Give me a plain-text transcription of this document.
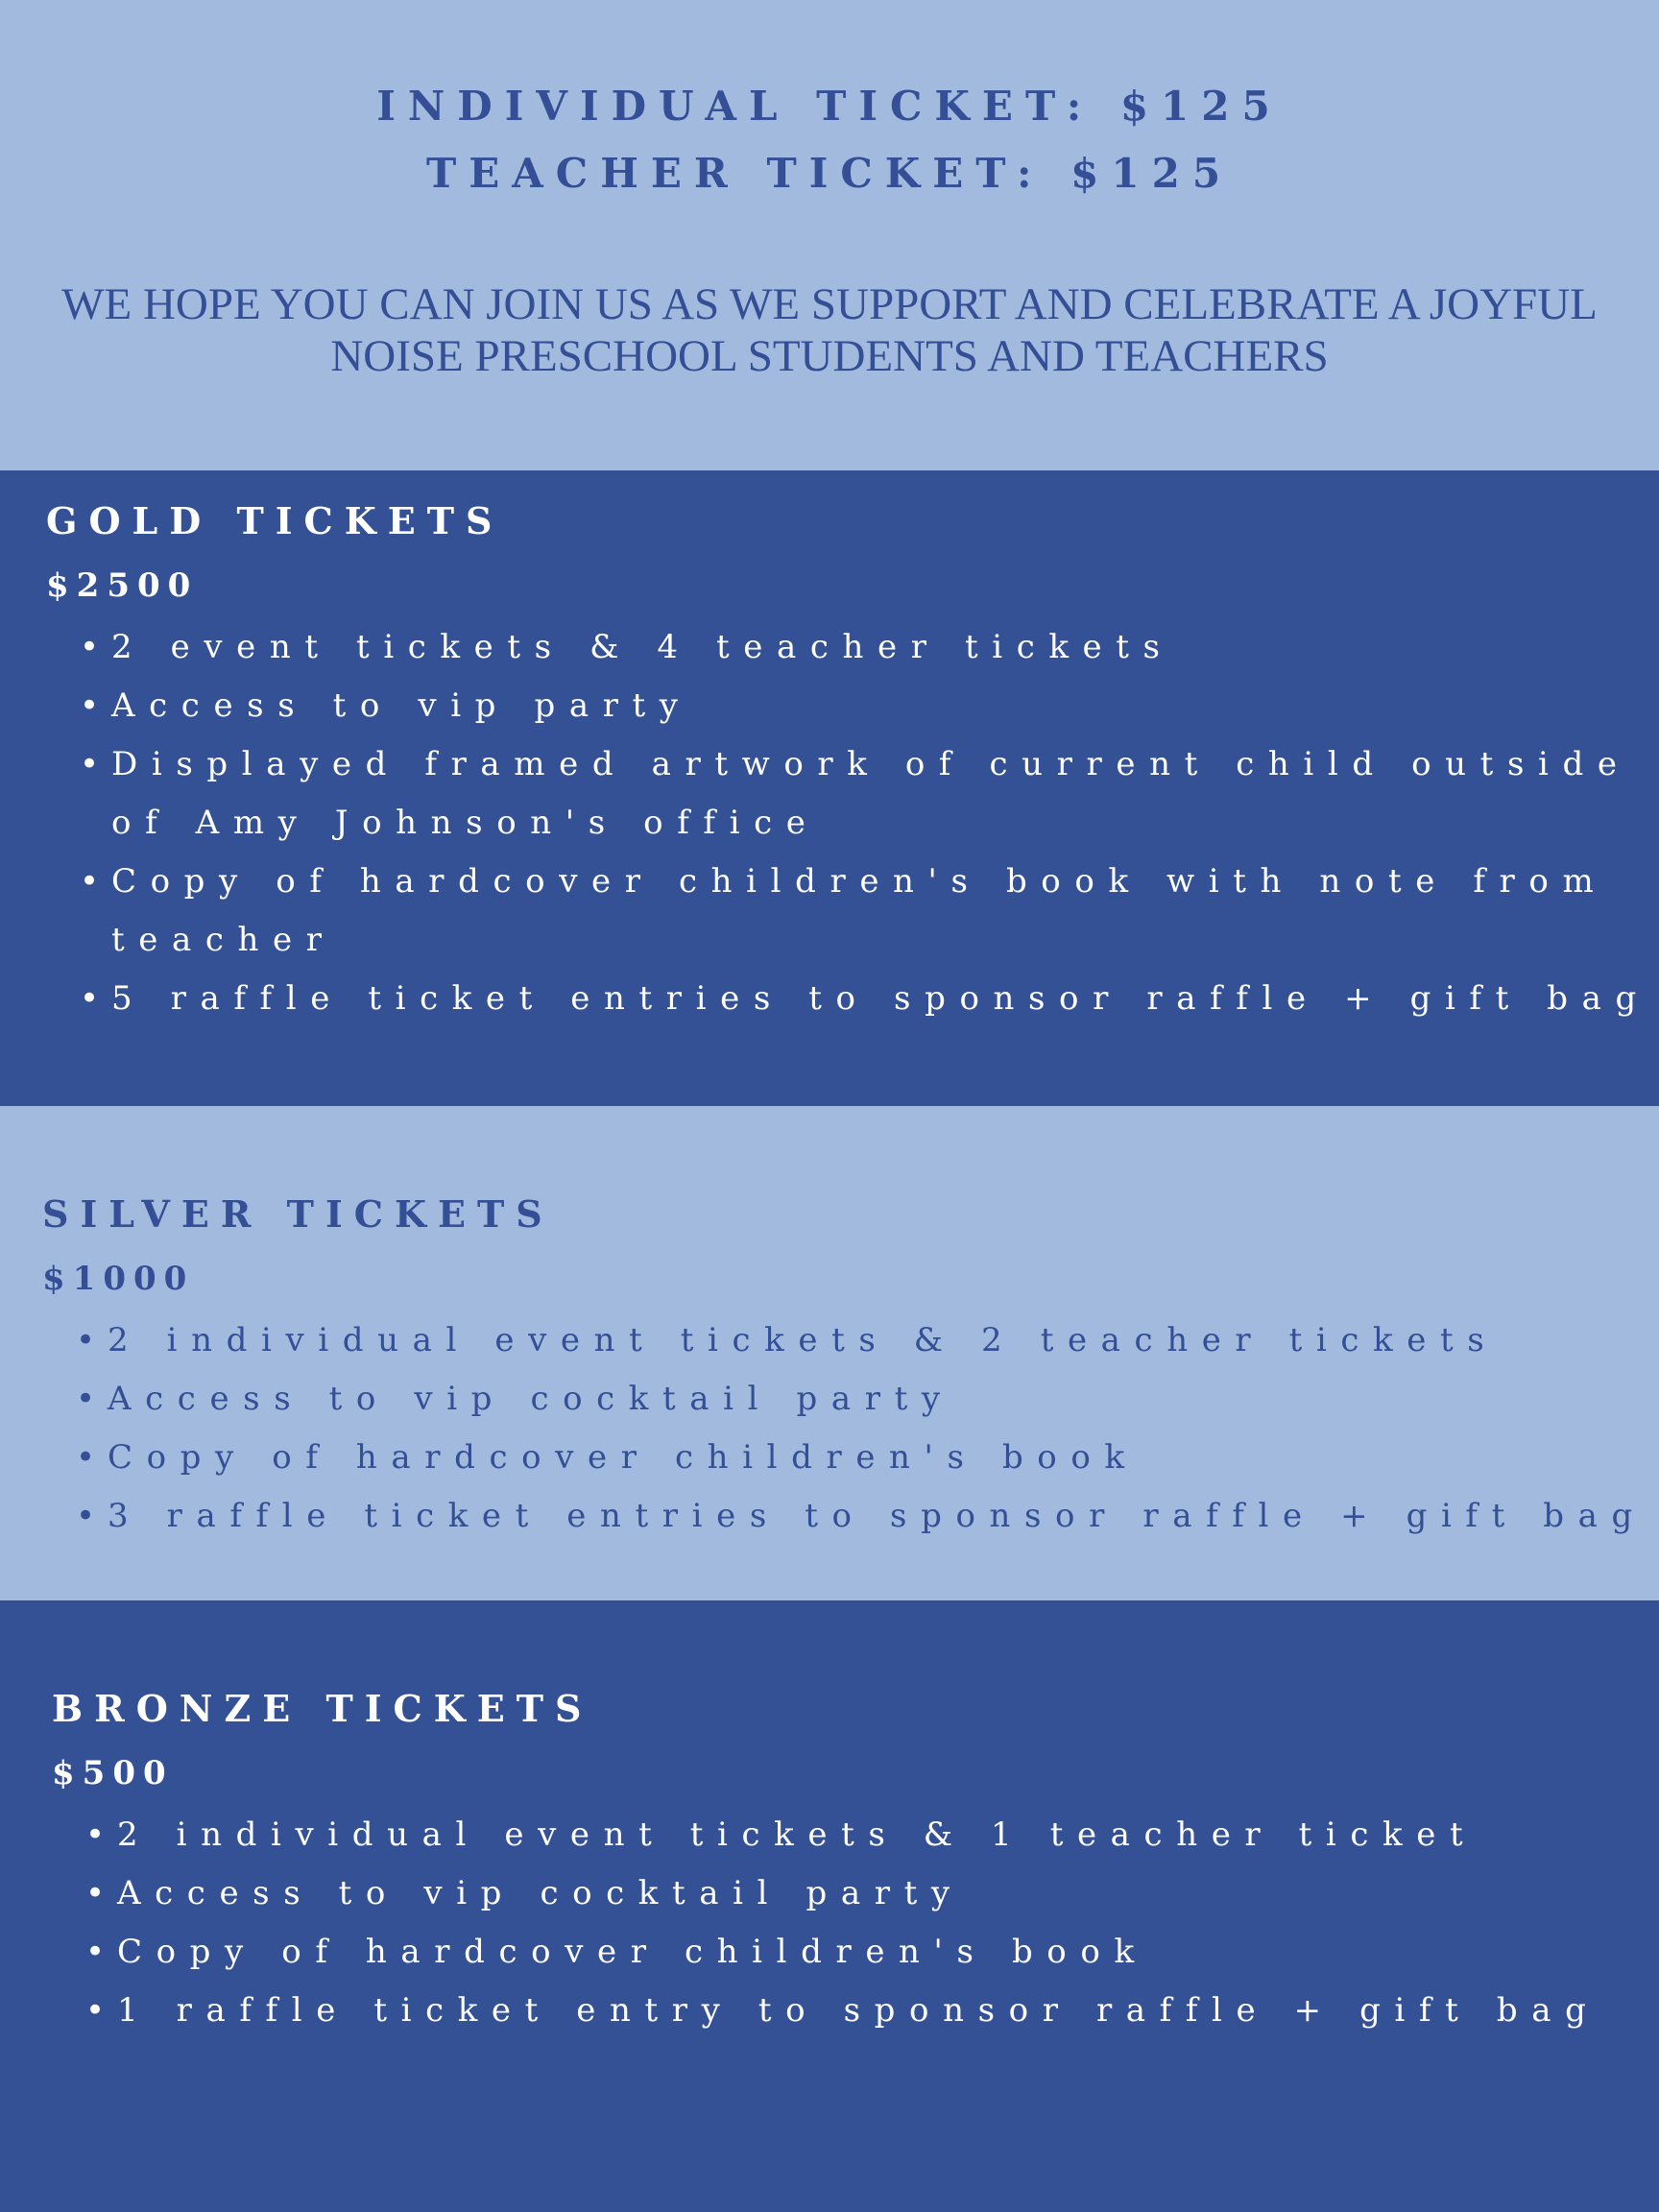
INDIVIDUAL TICKET: $125
TEACHER TICKET: $125
WE HOPE YOU CAN JOIN US AS WE SUPPORT AND CELEBRATE A JOYFUL NOISE PRESCHOOL STUDENTS AND TEACHERS
GOLD TICKETS
$2500
• 2 event tickets & 4 teacher tickets
• Access to vip party
• Displayed framed artwork of current child outside of Amy Johnson's office
• Copy of hardcover children's book with note from teacher
• 5 raffle ticket entries to sponsor raffle + gift bag
SILVER TICKETS
$1000
• 2 individual event tickets & 2 teacher tickets
• Access to vip cocktail party
• Copy of hardcover children's book
• 3 raffle ticket entries to sponsor raffle + gift bag
BRONZE TICKETS
$500
• 2 individual event tickets & 1 teacher ticket
• Access to vip cocktail party
• Copy of hardcover children's book
• 1 raffle ticket entry to sponsor raffle + gift bag
